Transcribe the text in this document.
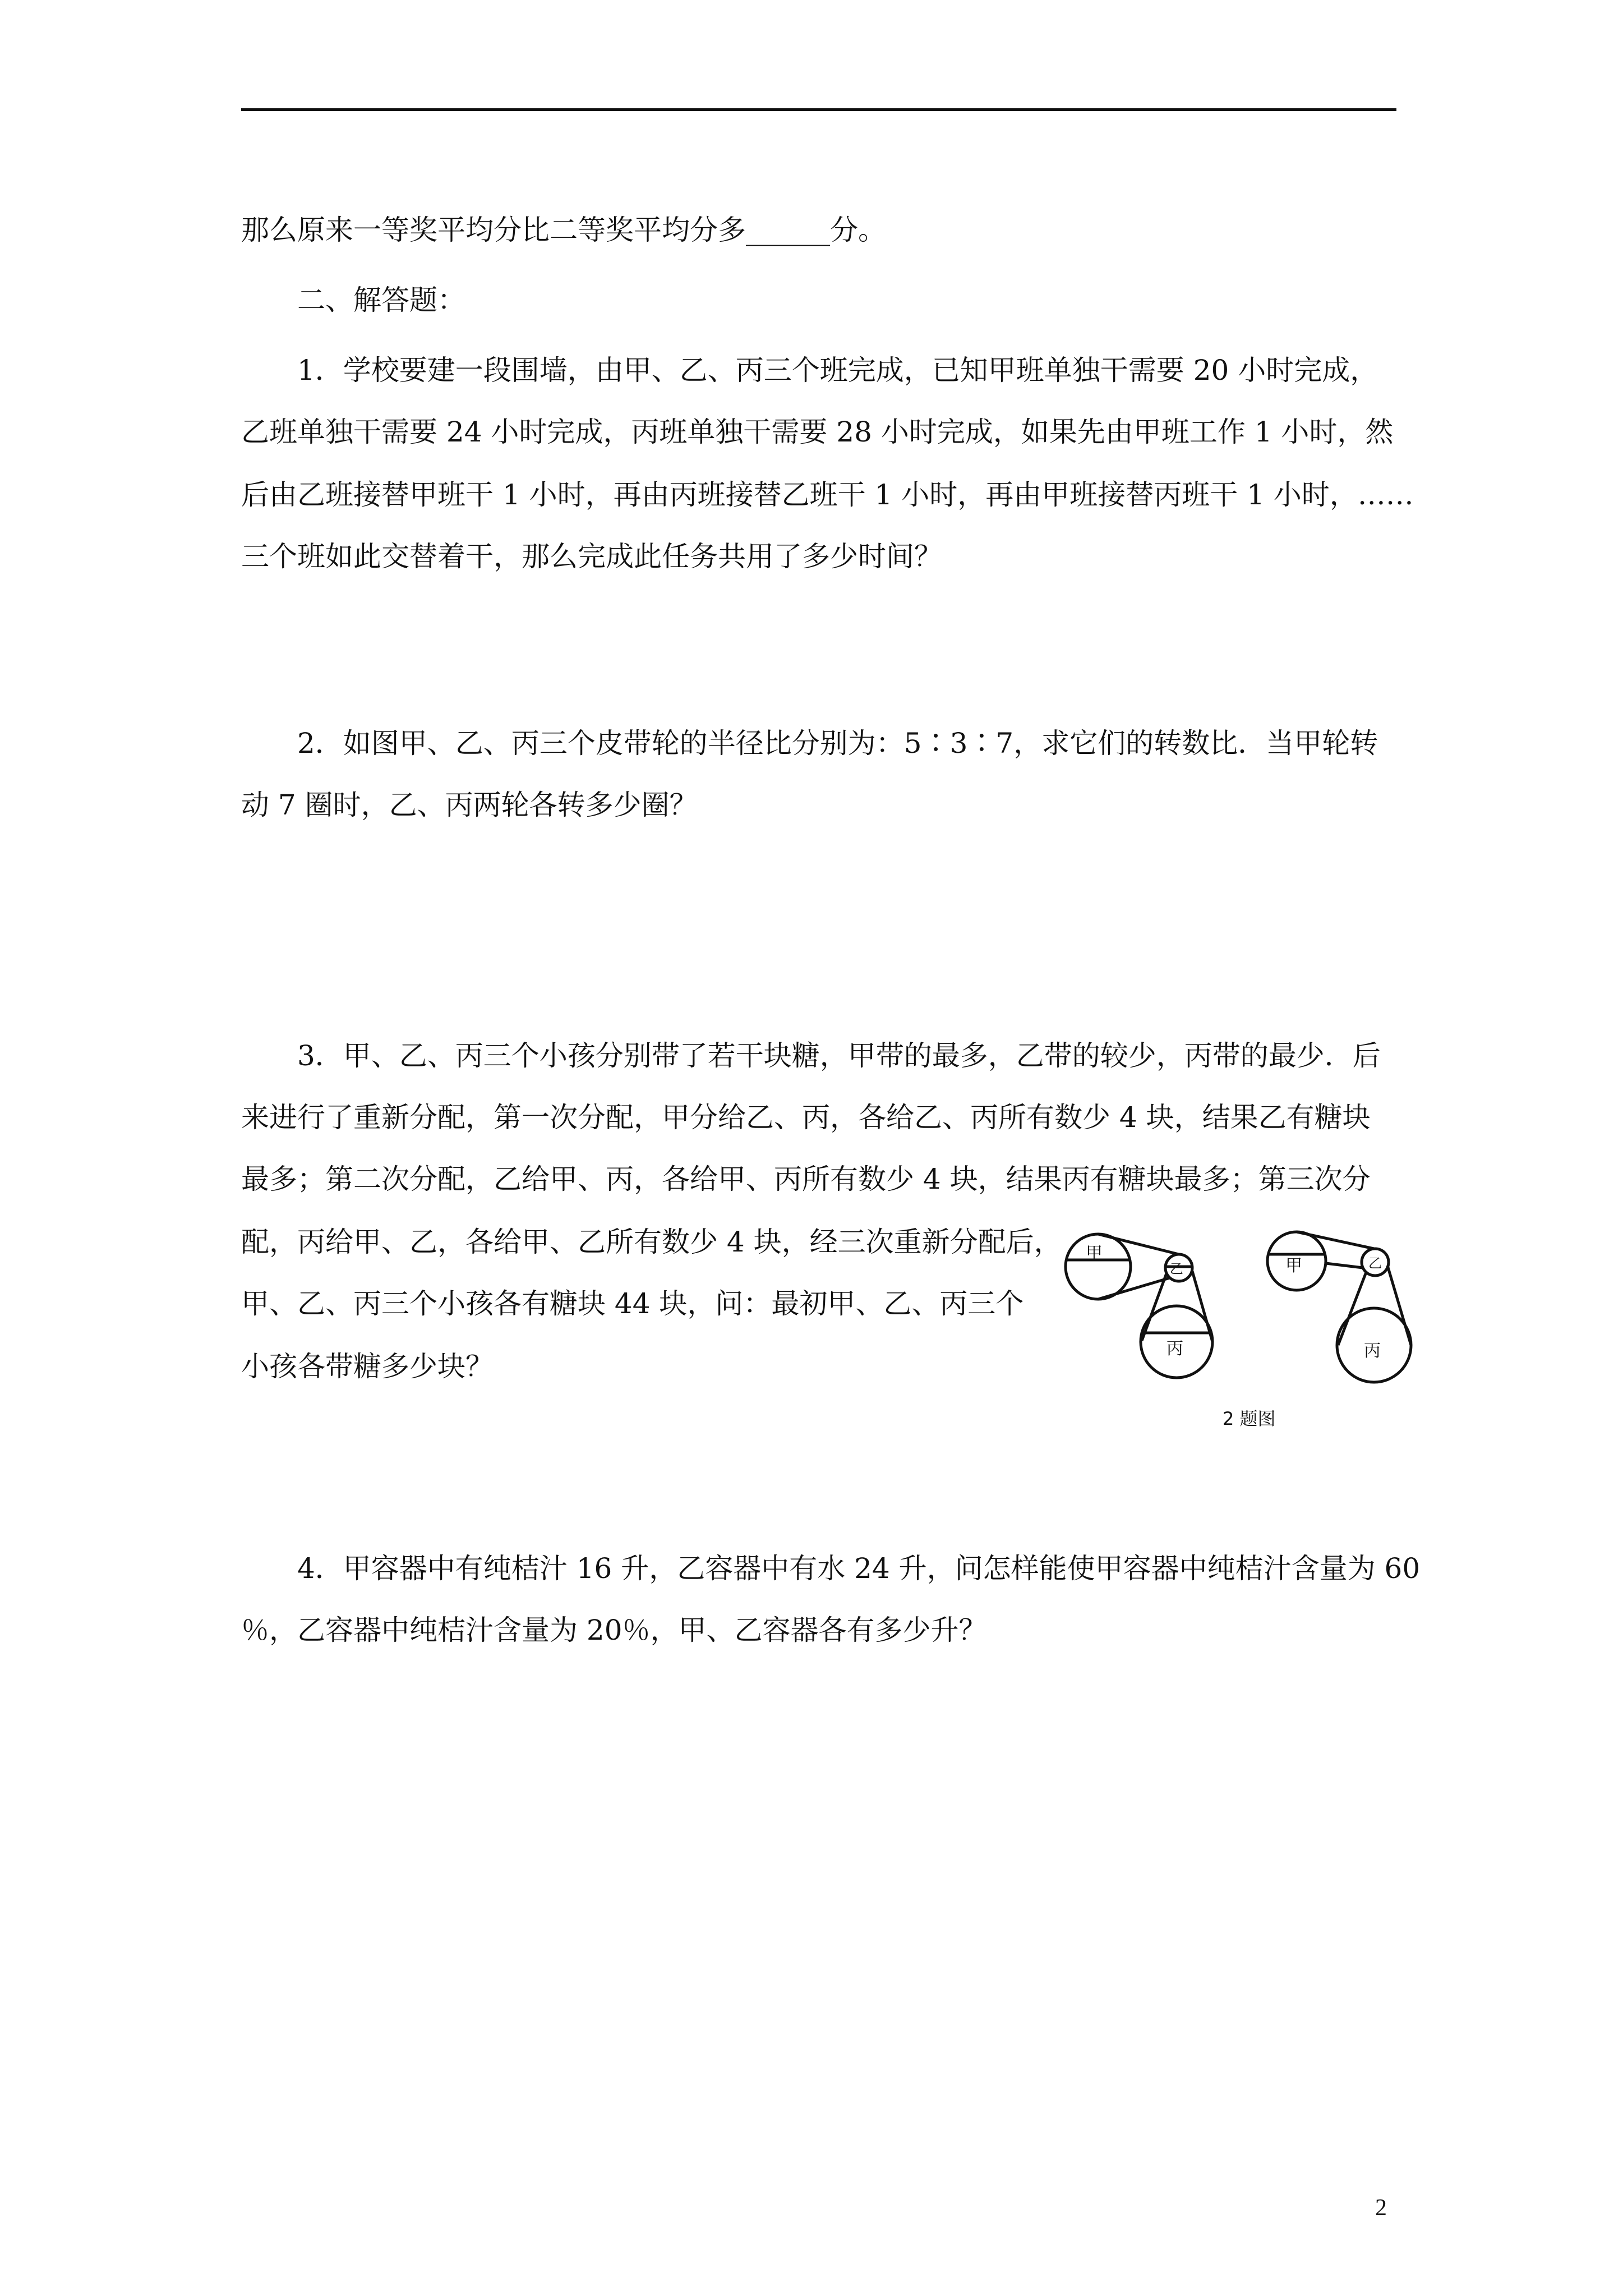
那么原来一等奖平均分比二等奖平均分多______分。
二、解答题：
1．学校要建一段围墙，由甲、乙、丙三个班完成，已知甲班单独干需要 20 小时完成，
乙班单独干需要 24 小时完成，丙班单独干需要 28 小时完成，如果先由甲班工作 1 小时，然
后由乙班接替甲班干 1 小时，再由丙班接替乙班干 1 小时，再由甲班接替丙班干 1 小时，……
三个班如此交替着干，那么完成此任务共用了多少时间？
2．如图甲、乙、丙三个皮带轮的半径比分别为：5∶3∶7，求它们的转数比．当甲轮转
动 7 圈时，乙、丙两轮各转多少圈？
3．甲、乙、丙三个小孩分别带了若干块糖，甲带的最多，乙带的较少，丙带的最少．后
来进行了重新分配，第一次分配，甲分给乙、丙，各给乙、丙所有数少 4 块，结果乙有糖块
最多；第二次分配，乙给甲、丙，各给甲、丙所有数少 4 块，结果丙有糖块最多；第三次分
配，丙给甲、乙，各给甲、乙所有数少 4 块，经三次重新分配后，
甲、乙、丙三个小孩各有糖块 44 块，问：最初甲、乙、丙三个
小孩各带糖多少块？
甲
乙
丙
甲	乙
丙
2 题图
4．甲容器中有纯桔汁 16 升，乙容器中有水 24 升，问怎样能使甲容器中纯桔汁含量为 60
％，乙容器中纯桔汁含量为 20％，甲、乙容器各有多少升？
2
